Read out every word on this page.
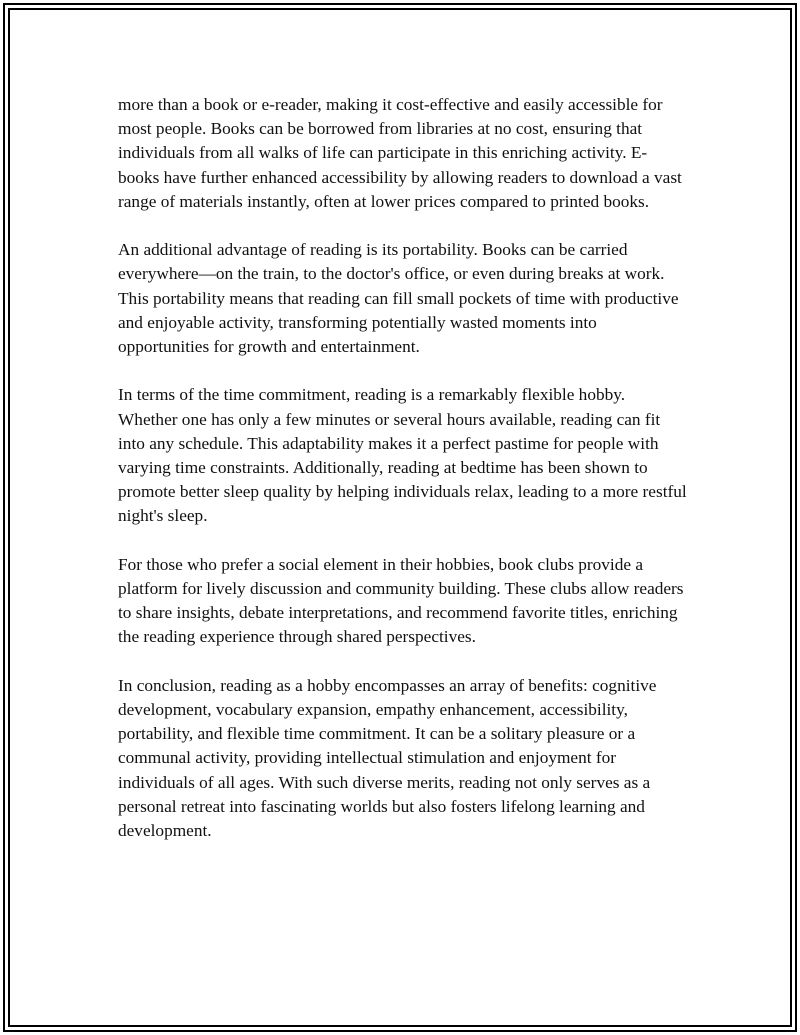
more than a book or e-reader, making it cost-effective and easily accessible for most people. Books can be borrowed from libraries at no cost, ensuring that individuals from all walks of life can participate in this enriching activity. E-books have further enhanced accessibility by allowing readers to download a vast range of materials instantly, often at lower prices compared to printed books.

An additional advantage of reading is its portability. Books can be carried everywhere—on the train, to the doctor's office, or even during breaks at work. This portability means that reading can fill small pockets of time with productive and enjoyable activity, transforming potentially wasted moments into opportunities for growth and entertainment.

In terms of the time commitment, reading is a remarkably flexible hobby. Whether one has only a few minutes or several hours available, reading can fit into any schedule. This adaptability makes it a perfect pastime for people with varying time constraints. Additionally, reading at bedtime has been shown to promote better sleep quality by helping individuals relax, leading to a more restful night's sleep.

For those who prefer a social element in their hobbies, book clubs provide a platform for lively discussion and community building. These clubs allow readers to share insights, debate interpretations, and recommend favorite titles, enriching the reading experience through shared perspectives.

In conclusion, reading as a hobby encompasses an array of benefits: cognitive development, vocabulary expansion, empathy enhancement, accessibility, portability, and flexible time commitment. It can be a solitary pleasure or a communal activity, providing intellectual stimulation and enjoyment for individuals of all ages. With such diverse merits, reading not only serves as a personal retreat into fascinating worlds but also fosters lifelong learning and development.
